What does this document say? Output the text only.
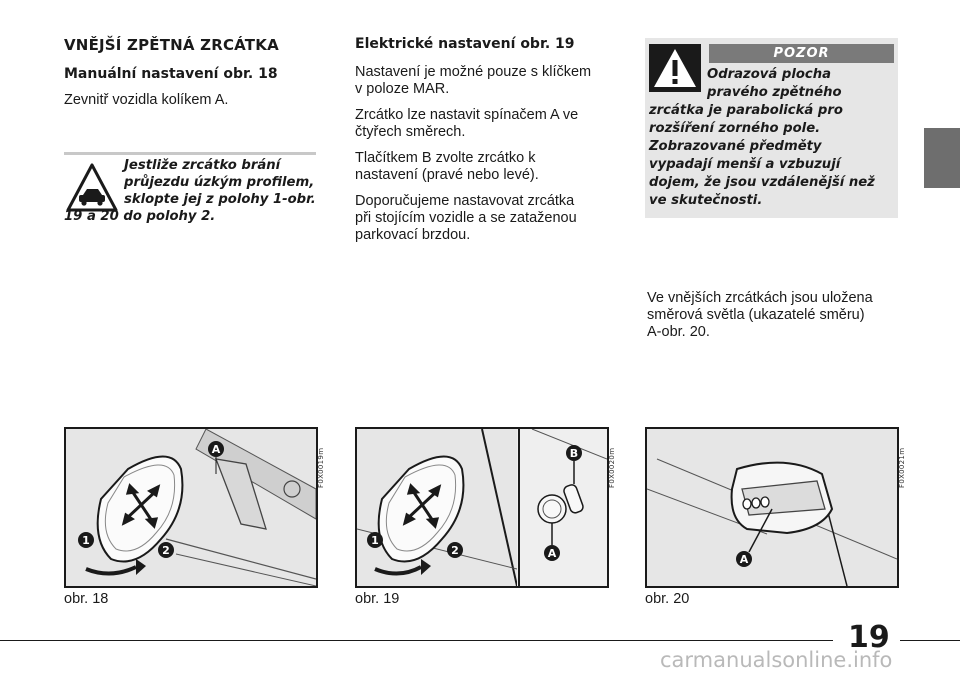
VNĚJŠÍ ZPĚTNÁ ZRCÁTKA
Manuální nastavení obr. 18

Zevnitř vozidla kolíkem A.

Jestliže zrcátko brání
průjezdu úzkým profilem,
sklopte jej z polohy 1-obr.
19 a 20 do polohy 2.
Elektrické nastavení obr. 19

Nastavení je možné pouze s klíčkem

v poloze MAR.

Zrcátko lze nastavit spínačem A ve

čtyřech směrech.

Tlačítkem B zvolte zrcátko k

nastavení (pravé nebo levé).

Doporučujeme nastavovat zrcátka

při stojícím vozidle a se zataženou

parkovací brzdou.

POZOR
Odrazová plocha
pravého zpětného
zrcátka je parabolická pro
rozšíření zorného pole.
Zobrazované předměty
vypadají menší a vzbuzují
dojem, že jsou vzdálenější než
ve skutečnosti.

Ve vnějších zrcátkách jsou uložena

směrová světla (ukazatelé směru)

A-obr. 20.

A
1
2
F0X0019m
obr. 18
1
2
B
A
F0X0020m
obr. 19
A
F0X0021m
obr. 20
19
carmanualsonline.info
